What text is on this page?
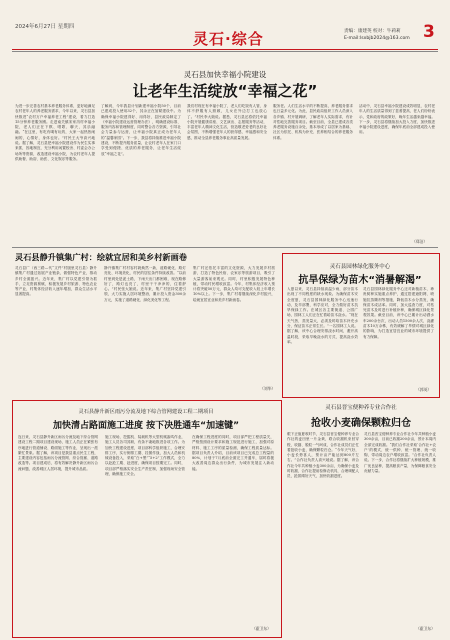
2024年6月27日 星期四
灵石·综合	责编：康建英 校对：牛莉莉
E-mail:lsxbjb2024@163.com 3
灵石县加快幸福小院建设
让老年生活绽放“幸福之花”
为进一步完善农村基本养老服务体系，更好地满足农村老年人的养老服务需求，今年以来，灵石县加快推进“农村万户幸福养老工程”建设，着力打造15分钟养老服务圈。走进南关镇宋家沟村幸福小院，老人们正在下棋、唱歌、聊天，其乐融融。“在这里，有吃有喝有玩的，大家一起热热闹闹的，心情好，身体也好。”村民王大爷高兴地说。据了解，灵石县把幸福小院建设作为民生实事来抓，因地制宜，充分利用闲置校舍、村委会办公场所等资源，改造建设幸福小院，为农村老年人提供助餐、助浴、助医、文化娱乐等服务。
了解到，今年我县计划新建幸福小院50个，目前已建成投入使用32个，其余正在加紧建设中。为确保幸福小院建得好、用得好，县民政局制定了《幸福小院建设运营管理办法》，明确建设标准、服务内容和管理制度，同时整合各方资源，引导社会力量参与运营，让幸福小院真正成为老年人的“温馨家园”。下一步，我县将持续推进幸福小院建设，不断提升服务质量，让农村老年人在家门口享受到便捷、优质的养老服务，让老年生活绽放“幸福之花”。
我们村现在有幸福小院了，老人们吃饭有人管，身体不舒服有人照顾，儿女在外边打工也放心了。”村民李大娘说。据悉，灵石县还将依托幸福小院开展健康讲座、文艺演出、志愿服务等活动，丰富老年人精神文化生活，营造敬老爱老的良好社会氛围，不断增强老年人的获得感、幸福感和安全感，推动全县养老服务事业高质量发展。
服务老。人们生活水平的不断提高，养老服务需求也日益多元化。为此，县民政局组织工作人员深入各乡镇、村开展调研，了解老年人实际需求，有针对性地完善服务项目。截至目前，全县已建成各类养老服务设施百余处，基本形成了以居家为基础、社区为依托、机构为补充、医养相结合的养老服务体系。
活动中，灵石县幸福小院建设成效明显，农村老年人的生活质量得到了显著提高，老人们纷纷表示，党和政府的政策好，晚年生活越来越幸福。下一步，灵石县将继续加大投入力度，加快推进幸福小院建设进度，确保年底前全部建成投入使用。
（郑洁）
灵石县静升镇集广村：绘就宜居和美乡村新画卷
灵石县广（西三路—代“文件”村版里灵石县）静升镇集广村通过拓展产业链条，做强特色产业，推动乡村全面振兴。近年来，集广村以党建引领为抓手，立足资源禀赋，积极发展乡村旅游、特色农业等产业，村集体经济收入逐年增加，群众生活水平显著提高。
静升镇集广村村容村貌焕然一新，道路硬化、路灯亮化、环境美化，村民的居住条件持续改善。“以前村里到处是泥土路，下雨天出门都困难，现在路修好了，路灯也亮了，村里干干净净的，住着舒心。”村民张大娘说。近年来，集广村坚持党建引领，大力实施人居环境整治，累计投入资金300余万元，实施了道路硬化、绿化美化等工程。
集广村还依托丰富的文化资源，大力发展乡村旅游，打造了特色民宿、农家乐等旅游项目，吸引了大量游客前来观光。同时，村里积极发展特色种植，带动村民增收致富。今年，村集体经济收入预计将突破50万元，群众人均可支配收入较上年增长10%以上。下一步，集广村将继续深化乡村振兴，绘就宜居宜业和美乡村新画卷。
（刘华）
灵石县园林绿化服务中心
抗旱保绿为苗木“消暑解渴”
入夏以来，灵石县持续高温少雨，部分苗木出现了不同程度的缺水现象。为确保苗木安全度夏，灵石县园林绿化服务中心迅速行动，及早部署，科学应对，全力做好苗木抗旱保绿工作。在城区各主要街道、公园广场，园林工人们正在忙着给苗木浇水。“现在天气热，蒸发量大，必须及时给苗木补充水分，保证苗木正常生长。”一名园林工人说。据了解，该中心合理安排浇水时间，避开高温时段，采取早晚浇水的方式，提高浇水效率。
灵石县园林绿化服务中心还对新植苗木、珍贵树种实施重点养护，通过搭建遮阳网、喷施抗蒸腾剂等措施，降低苗木水分蒸发，确保苗木成活率。同时，加大巡查力度，对枯死苗木及时进行补植补种，确保城区绿化景观效果。截至目前，该中心已累计出动洒水车200余台次，出动人员1500余人次，浇灌苗木10万余株，有效缓解了旱情对城区绿化的影响，为打造宜居宜业的城市环境提供了有力保障。
（郭英）
灵石县静升新区雨污分流及地下综合管网建设工程二期项目
加快清占路面施工进度 按下决胜通车“加速键”
连日来，灵石县静升新区雨污分流及地下综合管网建设工程二期项目建设现场，施工人员正在紧张有序地进行管道铺设、路面施工等作业，呈现出一派繁忙景象。据了解，该项目是我县重点民生工程，主要建设内容包括雨污分流管网、综合管廊、道路改造等。项目建成后，将有效解决静升新区雨污合流问题，改善城区人居环境，提升城市品质。
施工现场，挖掘机、装载机等大型机械轰鸣作业，施工人员各司其职，有条不紊地推进各项工作。为加快工程建设进度，项目部科学组织施工，合理安排工序，实行倒排工期、挂图作战，加大人员和机械设备投入，采取“白+黑”“5+2”工作模式，全力以赴抢工期、赶进度，确保项目按期完工。同时，项目部严格落实安全生产责任制，加强现场安全管理，确保施工安全。
在确保工程进度的同时，项目部严把工程质量关，严格按照设计要求和施工规范进行施工，加强对原材料、施工工序的质量检测，确保工程质量达标。据项目负责人介绍，目前该项目已完成总工程量的80%，计划于7月底前全面完工并通车，届时将极大改善周边群众出行条件，为城市发展注入新动能。
（霍卫东）
灵石县晋宝便种养专业合作社
抢收小麦确保颗粒归仓
眼下正值夏收时节，灵石县晋宝便种养专业合作社的麦田里一片金黄，联合收割机来回穿梭，收割、脱粒一气呵成，合作社成员们正忙着抢收小麦，确保颗粒归仓。“今年天气好，小麦长势喜人，预计亩产能达到800斤左右。”合作社负责人高兴地说。据了解，该合作社今年共种植小麦300余亩，为确保小麦及时收割，合作社提前检修农机具，合理调配人员，抢抓晴好天气，加快收割进度。
灵石县晋宝便种养专业合作社今年共种植小麦300余亩，目前已收割200余亩，预计本周内全部完成收割。“我们合作社采取‘合作社+农户’的模式，统一供种、统一管理、统一收购，带动周边农户增收致富。”合作社负责人说。下一步，合作社将继续扩大种植规模，推广优良品种，提高粮食产量，为保障粮食安全贡献力量。
（霍卫东）
